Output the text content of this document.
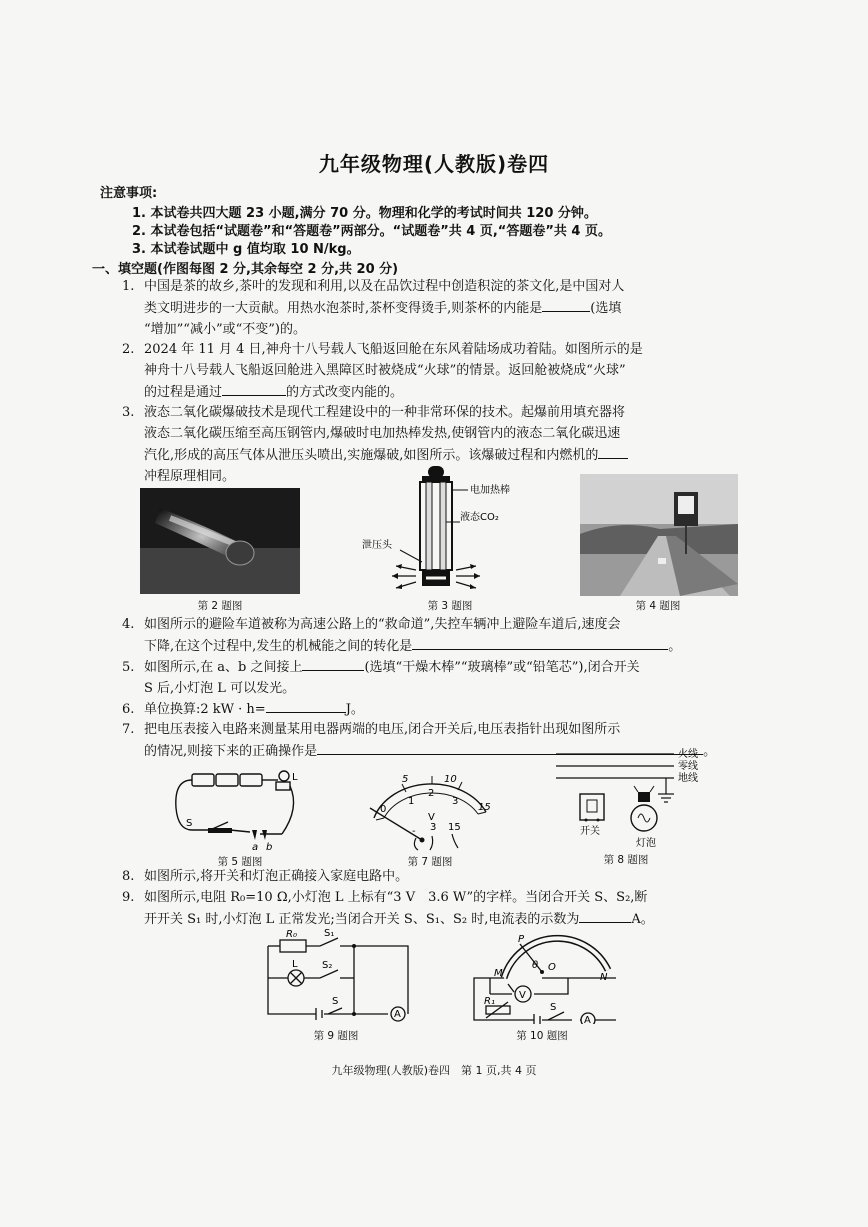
九年级物理(人教版)卷四
注意事项:
1. 本试卷共四大题 23 小题,满分 70 分。物理和化学的考试时间共 120 分钟。
2. 本试卷包括“试题卷”和“答题卷”两部分。“试题卷”共 4 页,“答题卷”共 4 页。
3. 本试卷试题中 g 值均取 10 N/kg。
一、填空题(作图每图 2 分,其余每空 2 分,共 20 分)
1. 中国是茶的故乡,茶叶的发现和利用,以及在品饮过程中创造积淀的茶文化,是中国对人
类文明进步的一大贡献。用热水泡茶时,茶杯变得烫手,则茶杯的内能是	(选填
“增加”“减小”或“不变”)的。
2. 2024 年 11 月 4 日,神舟十八号载人飞船返回舱在东风着陆场成功着陆。如图所示的是
神舟十八号载人飞船返回舱进入黑障区时被烧成“火球”的情景。返回舱被烧成“火球”
的过程是通过	的方式改变内能的。
3. 液态二氧化碳爆破技术是现代工程建设中的一种非常环保的技术。起爆前用填充器将
液态二氧化碳压缩至高压钢管内,爆破时电加热棒发热,使钢管内的液态二氧化碳迅速
汽化,形成的高压气体从泄压头喷出,实施爆破,如图所示。该爆破过程和内燃机的
冲程原理相同。
第 2 题图
电加热棒
液态CO₂
泄压头
第 3 题图	第 4 题图
4. 如图所示的避险车道被称为高速公路上的“救命道”,失控车辆冲上避险车道后,速度会
下降,在这个过程中,发生的机械能之间的转化是	。
5. 如图所示,在 a、b 之间接上	(选填“干燥木棒”“玻璃棒”或“铅笔芯”),闭合开关
S 后,小灯泡 L 可以发光。
6. 单位换算:2 kW · h=	J。
7. 把电压表接入电路来测量某用电器两端的电压,闭合开关后,电压表指针出现如图所示
的情况,则接下来的正确操作是	。
L
S
a b
第 5 题图
0
1
2
3
5	10
15
V
- 3 15
第 7 题图
火线
零线
地线
开关
灯泡
第 8 题图
8. 如图所示,将开关和灯泡正确接入家庭电路中。
9. 如图所示,电阻 R₀=10 Ω,小灯泡 L 上标有“3 V　3.6 W”的字样。当闭合开关 S、S₂,断
开开关 S₁ 时,小灯泡 L 正常发光;当闭合开关 S、S₁、S₂ 时,电流表的示数为	A。
R₀	S₁
L S₂
S
A
第 9 题图
P
θ O
M	N
V
R₁
S
A
第 10 题图
九年级物理(人教版)卷四　第 1 页,共 4 页
